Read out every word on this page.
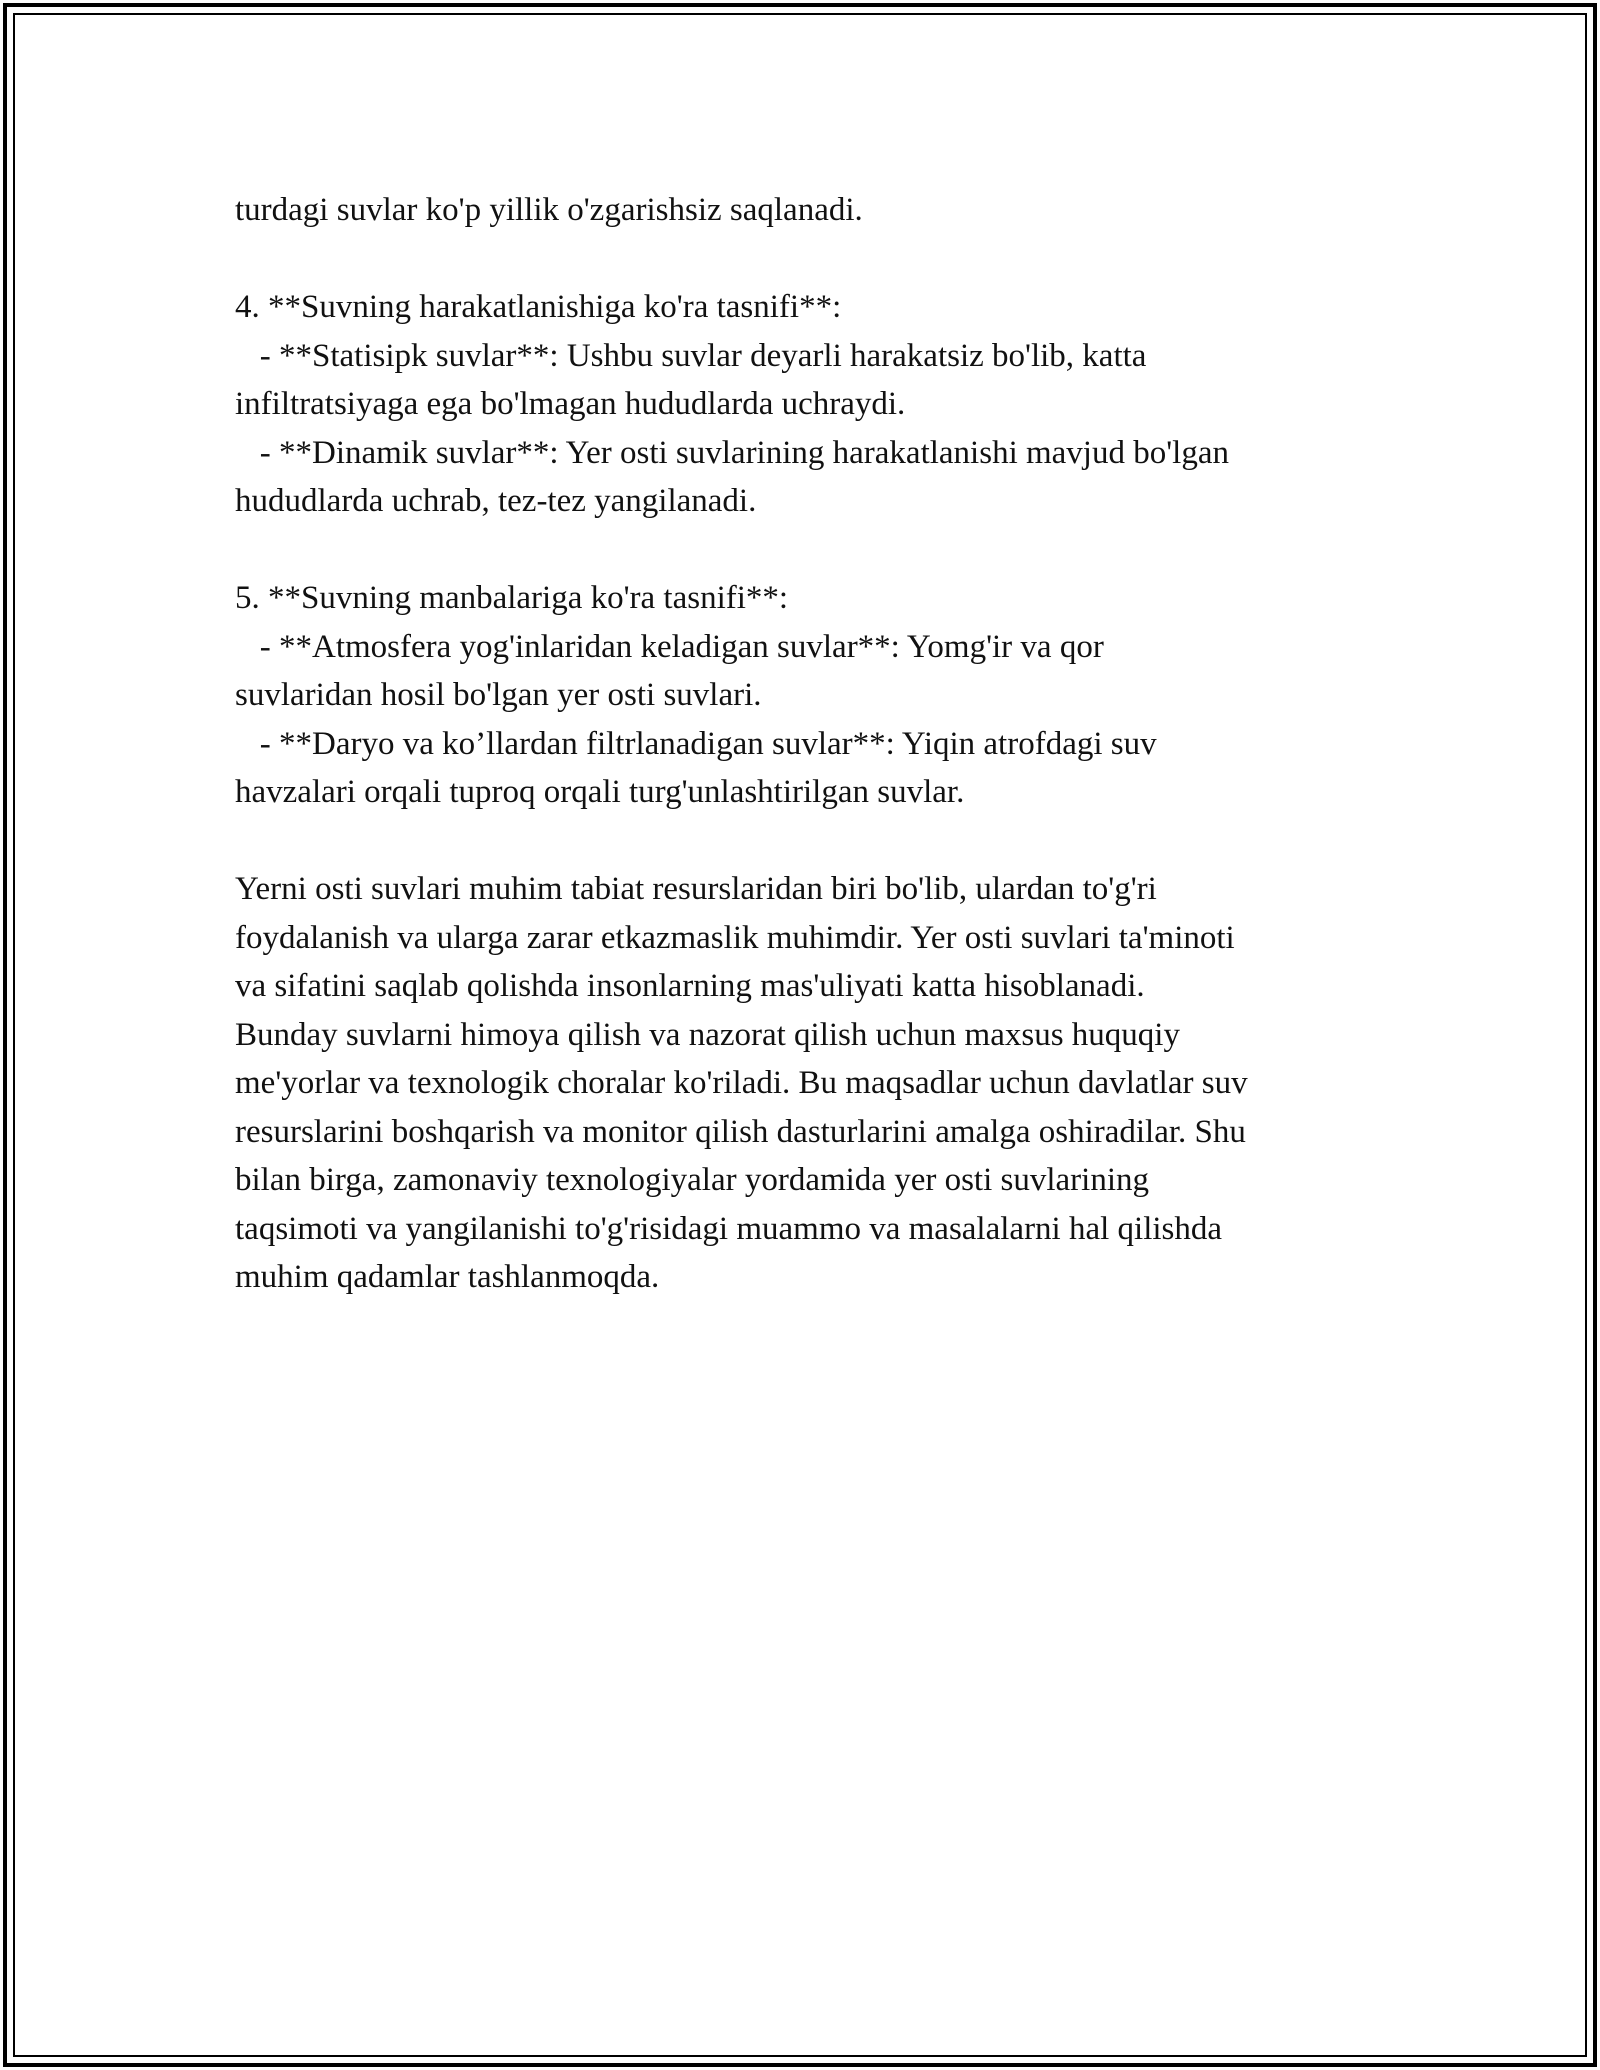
turdagi suvlar ko'p yillik o'zgarishsiz saqlanadi.
4. **Suvning harakatlanishiga ko'ra tasnifi**:
- **Statisipk suvlar**: Ushbu suvlar deyarli harakatsiz bo'lib, katta
infiltratsiyaga ega bo'lmagan hududlarda uchraydi.
- **Dinamik suvlar**: Yer osti suvlarining harakatlanishi mavjud bo'lgan
hududlarda uchrab, tez-tez yangilanadi.
5. **Suvning manbalariga ko'ra tasnifi**:
- **Atmosfera yog'inlaridan keladigan suvlar**: Yomg'ir va qor
suvlaridan hosil bo'lgan yer osti suvlari.
- **Daryo va ko’llardan filtrlanadigan suvlar**: Yiqin atrofdagi suv
havzalari orqali tuproq orqali turg'unlashtirilgan suvlar.
Yerni osti suvlari muhim tabiat resurslaridan biri bo'lib, ulardan to'g'ri
foydalanish va ularga zarar etkazmaslik muhimdir. Yer osti suvlari ta'minoti
va sifatini saqlab qolishda insonlarning mas'uliyati katta hisoblanadi.
Bunday suvlarni himoya qilish va nazorat qilish uchun maxsus huquqiy
me'yorlar va texnologik choralar ko'riladi. Bu maqsadlar uchun davlatlar suv
resurslarini boshqarish va monitor qilish dasturlarini amalga oshiradilar. Shu
bilan birga, zamonaviy texnologiyalar yordamida yer osti suvlarining
taqsimoti va yangilanishi to'g'risidagi muammo va masalalarni hal qilishda
muhim qadamlar tashlanmoqda.
